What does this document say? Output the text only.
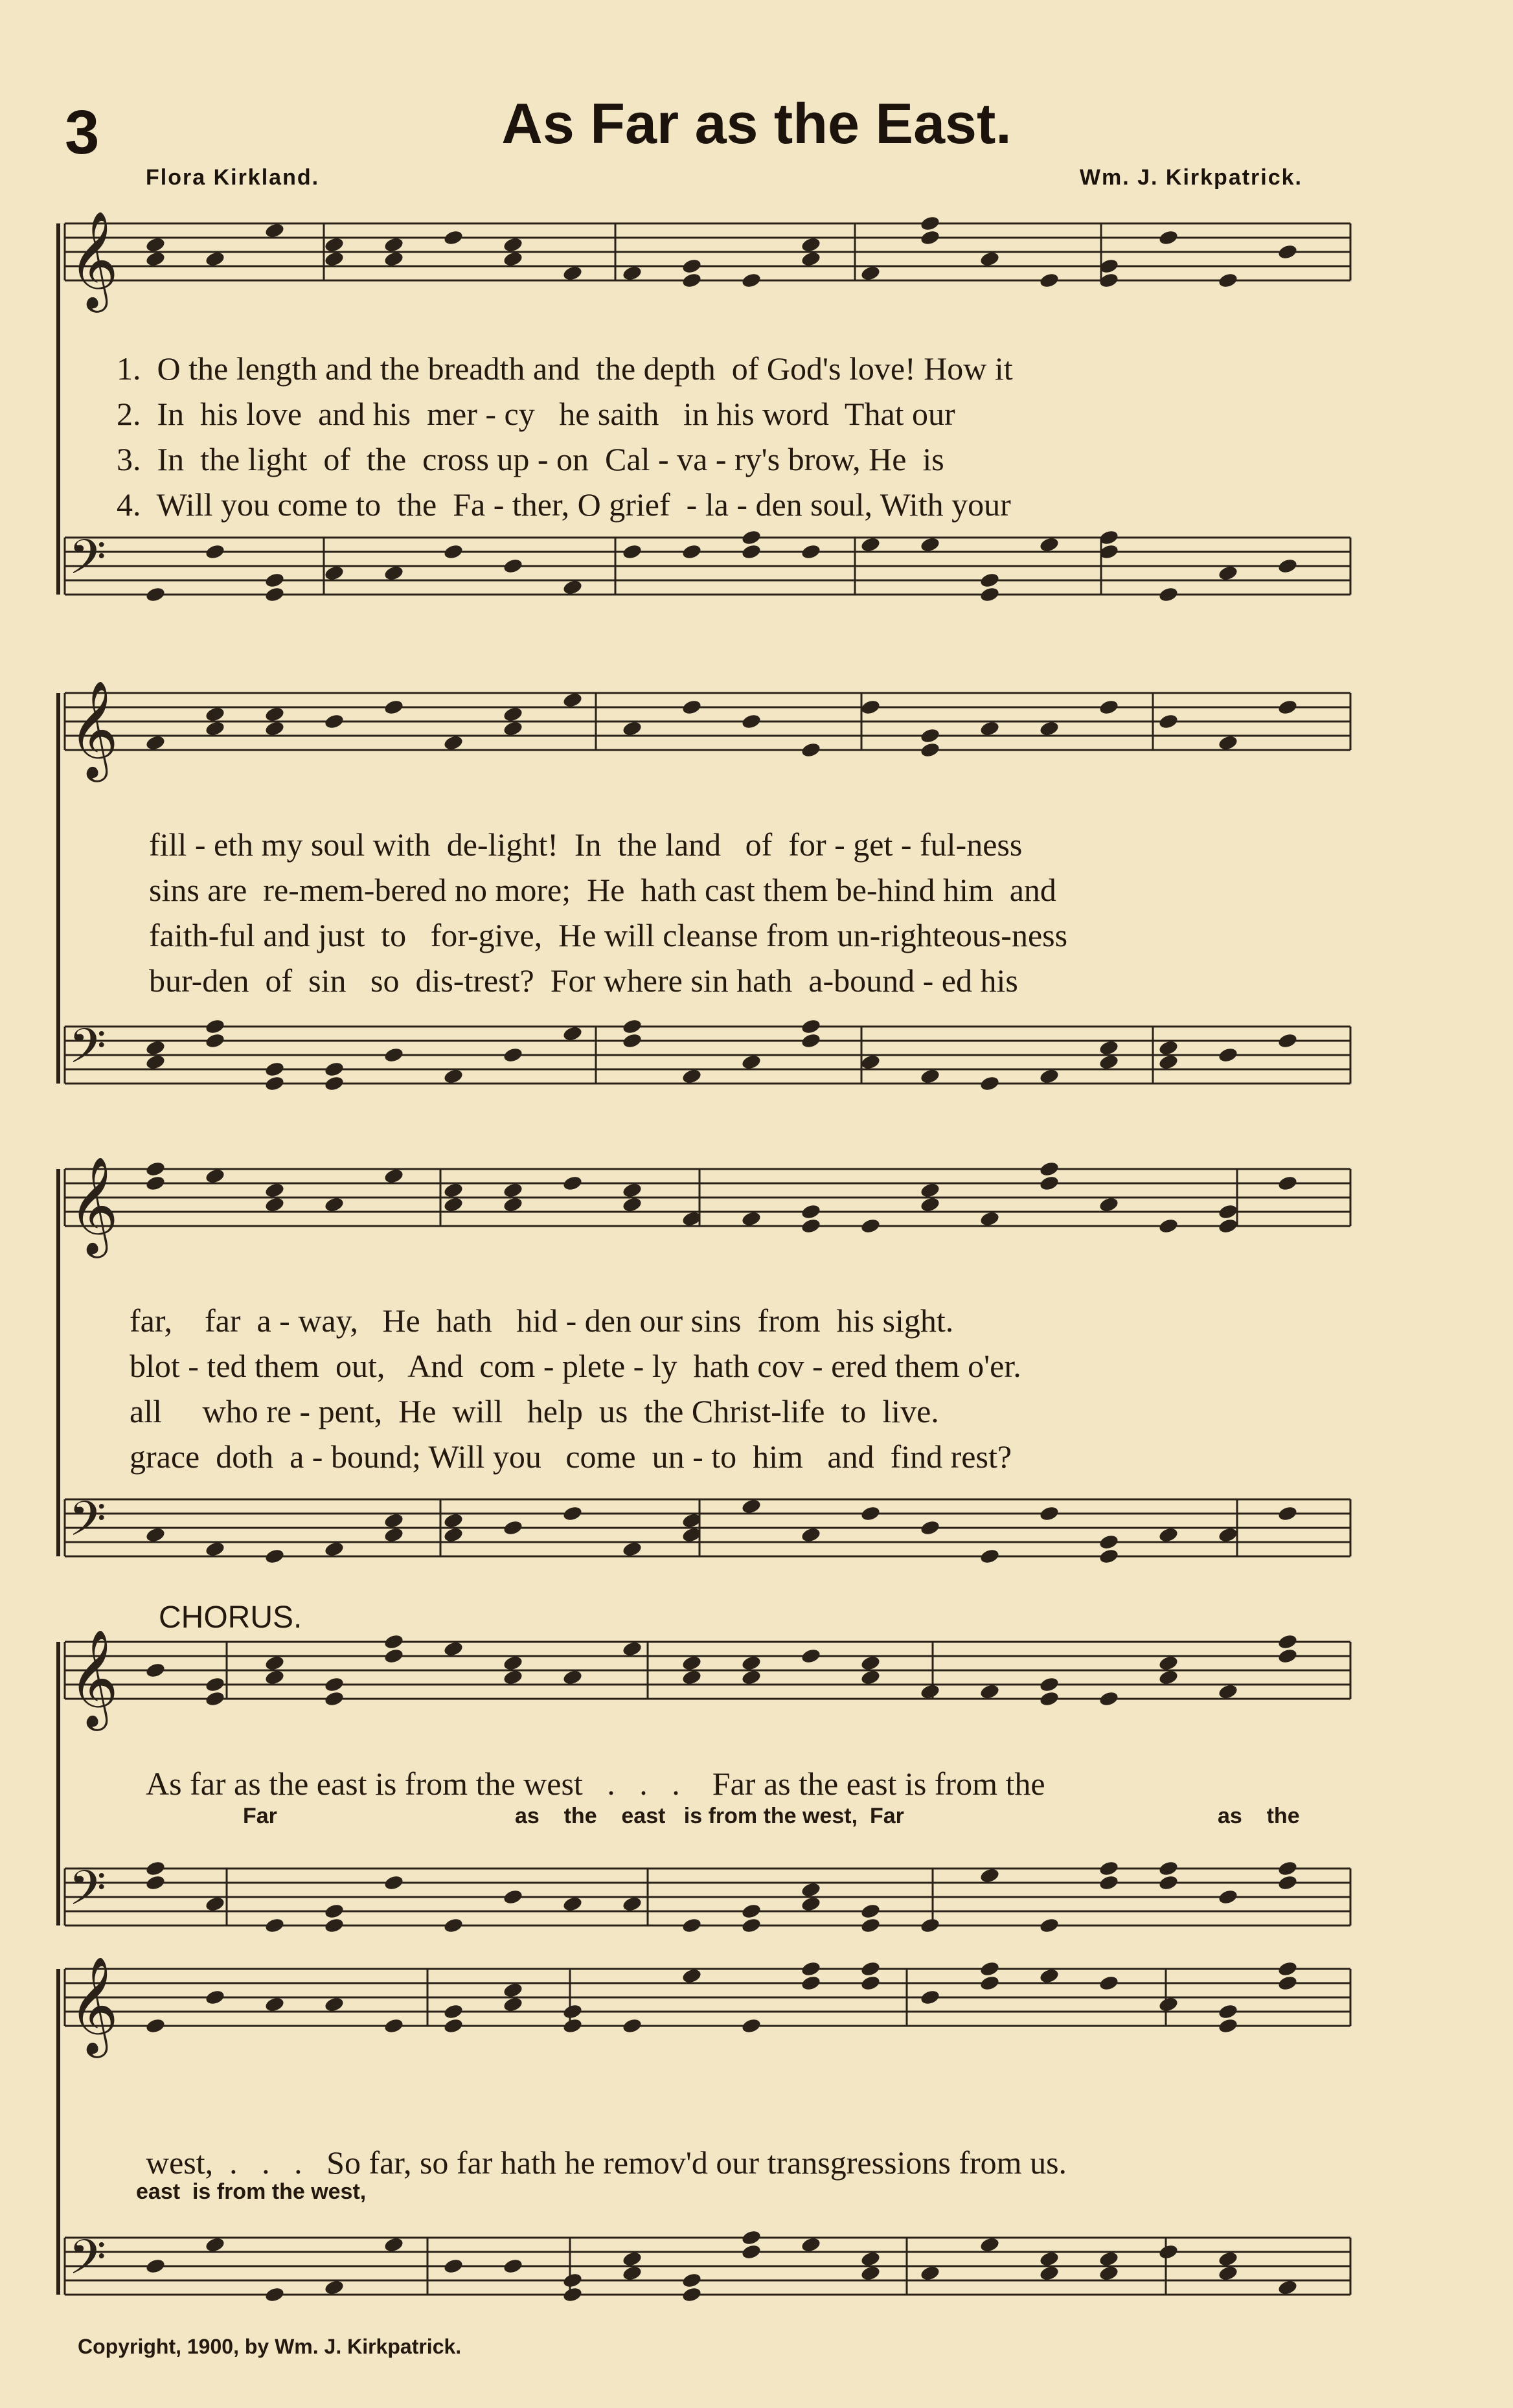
3	As Far as the East.
Flora Kirkland.	Wm. J. Kirkpatrick.
𝄞
𝄢
𝄞
𝄢
𝄞
𝄢
𝄞
𝄢
𝄞
𝄢
1.  O the length and the breadth and  the depth  of God's love! How it
2.  In  his love  and his  mer - cy   he saith   in his word  That our
3.  In  the light  of  the  cross up - on  Cal - va - ry's brow, He  is
4.  Will you come to  the  Fa - ther, O grief  - la - den soul, With your
fill - eth my soul with  de-light!  In  the land   of  for - get - ful-ness
sins are  re-mem-bered no more;  He  hath cast them be-hind him  and
faith-ful and just  to   for-give,  He will cleanse from un-righteous-ness
bur-den  of  sin   so  dis-trest?  For where sin hath  a-bound - ed his
far,    far  a - way,   He  hath   hid - den our sins  from  his sight.
blot - ted them  out,   And  com - plete - ly  hath cov - ered them o'er.
all     who re - pent,  He  will   help  us  the Christ-life  to  live.
grace  doth  a - bound; Will you   come  un - to  him   and  find rest?
CHORUS.
As far as the east is from the west   .   .   .    Far as the east is from the
Far	as    the    east   is from the west,  Far	as    the
west,  .   .   .   So far, so far hath he remov'd our transgressions from us.
east  is from the west,
Copyright, 1900, by Wm. J. Kirkpatrick.
